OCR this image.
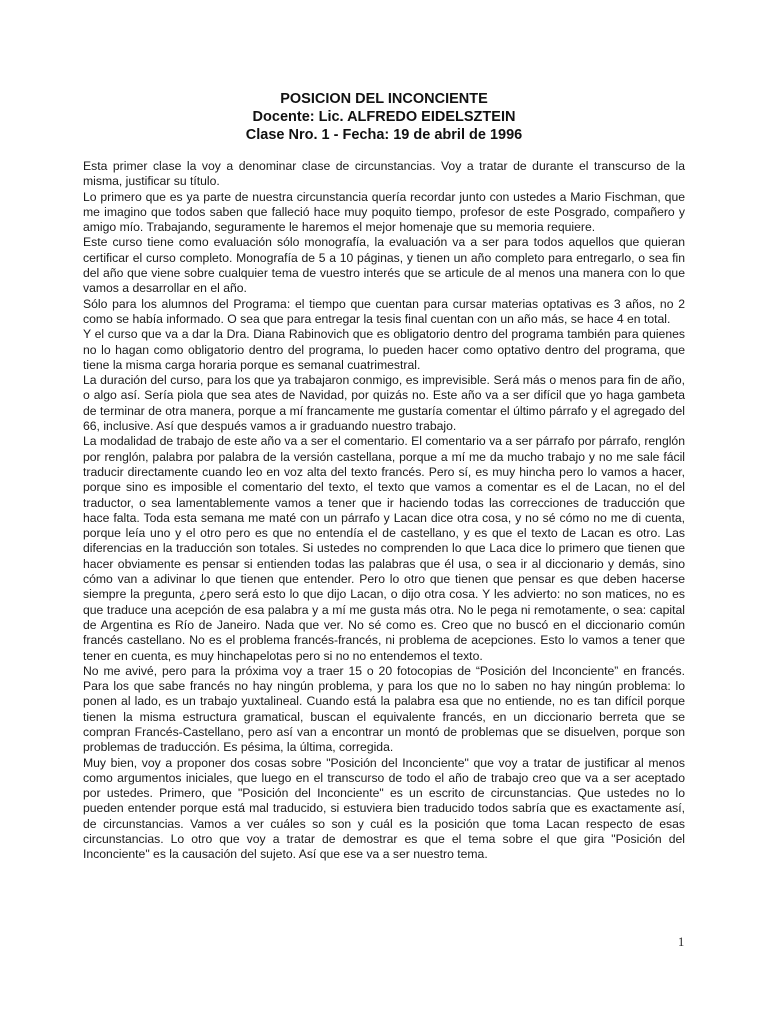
POSICION DEL INCONCIENTE
Docente: Lic. ALFREDO EIDELSZTEIN
Clase Nro. 1 - Fecha: 19 de abril de 1996

Esta primer clase la voy a denominar clase de circunstancias. Voy a tratar de durante el transcurso de la misma, justificar su título.

Lo primero que es ya parte de nuestra circunstancia quería recordar junto con ustedes a Mario Fischman, que me imagino que todos saben que falleció hace muy poquito tiempo, profesor de este Posgrado, compañero y amigo mío. Trabajando, seguramente le haremos el mejor homenaje que su memoria requiere.

Este curso tiene como evaluación sólo monografía, la evaluación va a ser para todos aquellos que quieran certificar el curso completo. Monografía de 5 a 10 páginas, y tienen un año completo para entregarlo, o sea fin del año que viene sobre cualquier tema de vuestro interés que se articule de al menos una manera con lo que vamos a desarrollar en el año.

Sólo para los alumnos del Programa: el tiempo que cuentan para cursar materias optativas es 3 años, no 2 como se había informado. O sea que para entregar la tesis final cuentan con un año más, se hace 4 en total.

Y el curso que va a dar la Dra. Diana Rabinovich que es obligatorio dentro del programa también para quienes no lo hagan como obligatorio dentro del programa, lo pueden hacer como optativo dentro del programa, que tiene la misma carga horaria porque es semanal cuatrimestral.

La duración del curso, para los que ya trabajaron conmigo, es imprevisible. Será más o menos para fin de año, o algo así. Sería piola que sea ates de Navidad, por quizás no. Este año va a ser difícil que yo haga gambeta de terminar de otra manera, porque a mí francamente me gustaría comentar el último párrafo y el agregado del 66, inclusive. Así que después vamos a ir graduando nuestro trabajo.

La modalidad de trabajo de este año va a ser el comentario. El comentario va a ser párrafo por párrafo, renglón por renglón, palabra por palabra de la versión castellana, porque a mí me da mucho trabajo y no me sale fácil traducir directamente cuando leo en voz alta del texto francés. Pero sí, es muy hincha pero lo vamos a hacer, porque sino es imposible el comentario del texto, el texto que vamos a comentar es el de Lacan, no el del traductor, o sea lamentablemente vamos a tener que ir haciendo todas las correcciones de traducción que hace falta. Toda esta semana me maté con un párrafo y Lacan dice otra cosa, y no sé cómo no me di cuenta, porque leía uno y el otro pero es que no entendía el de castellano, y es que el texto de Lacan es otro. Las diferencias en la traducción son totales. Si ustedes no comprenden lo que Laca dice lo primero que tienen que hacer obviamente es pensar si entienden todas las palabras que él usa, o sea ir al diccionario y demás, sino cómo van a adivinar lo que tienen que entender. Pero lo otro que tienen que pensar es que deben hacerse siempre la pregunta, ¿pero será esto lo que dijo Lacan, o dijo otra cosa. Y les advierto: no son matices, no es que traduce una acepción de esa palabra y a mí me gusta más otra. No le pega ni remotamente, o sea: capital de Argentina es Río de Janeiro. Nada que ver. No sé como es. Creo que no buscó en el diccionario común francés castellano. No es el problema francés-francés, ni problema de acepciones. Esto lo vamos a tener que tener en cuenta, es muy hinchapelotas pero si no no entendemos el texto.

No me avivé, pero para la próxima voy a traer 15 o 20 fotocopias de “Posición del Inconciente” en francés. Para los que sabe francés no hay ningún problema, y para los que no lo saben no hay ningún problema: lo ponen al lado, es un trabajo yuxtalineal. Cuando está la palabra esa que no entiende, no es tan difícil porque tienen la misma estructura gramatical, buscan el equivalente francés, en un diccionario berreta que se compran Francés-Castellano, pero así van a encontrar un montó de problemas que se disuelven, porque son problemas de traducción. Es pésima, la última, corregida.

Muy bien, voy a proponer dos cosas sobre "Posición del Inconciente" que voy a tratar de justificar al menos como argumentos iniciales, que luego en el transcurso de todo el año de trabajo creo que va a ser aceptado por ustedes. Primero, que "Posición del Inconciente" es un escrito de circunstancias. Que ustedes no lo pueden entender porque está mal traducido, si estuviera bien traducido todos sabría que es exactamente así, de circunstancias. Vamos a ver cuáles so son y cuál es la posición que toma Lacan respecto de esas circunstancias. Lo otro que voy a tratar de demostrar es que el tema sobre el que gira "Posición del Inconciente" es la causación del sujeto. Así que ese va a ser nuestro tema.

1
